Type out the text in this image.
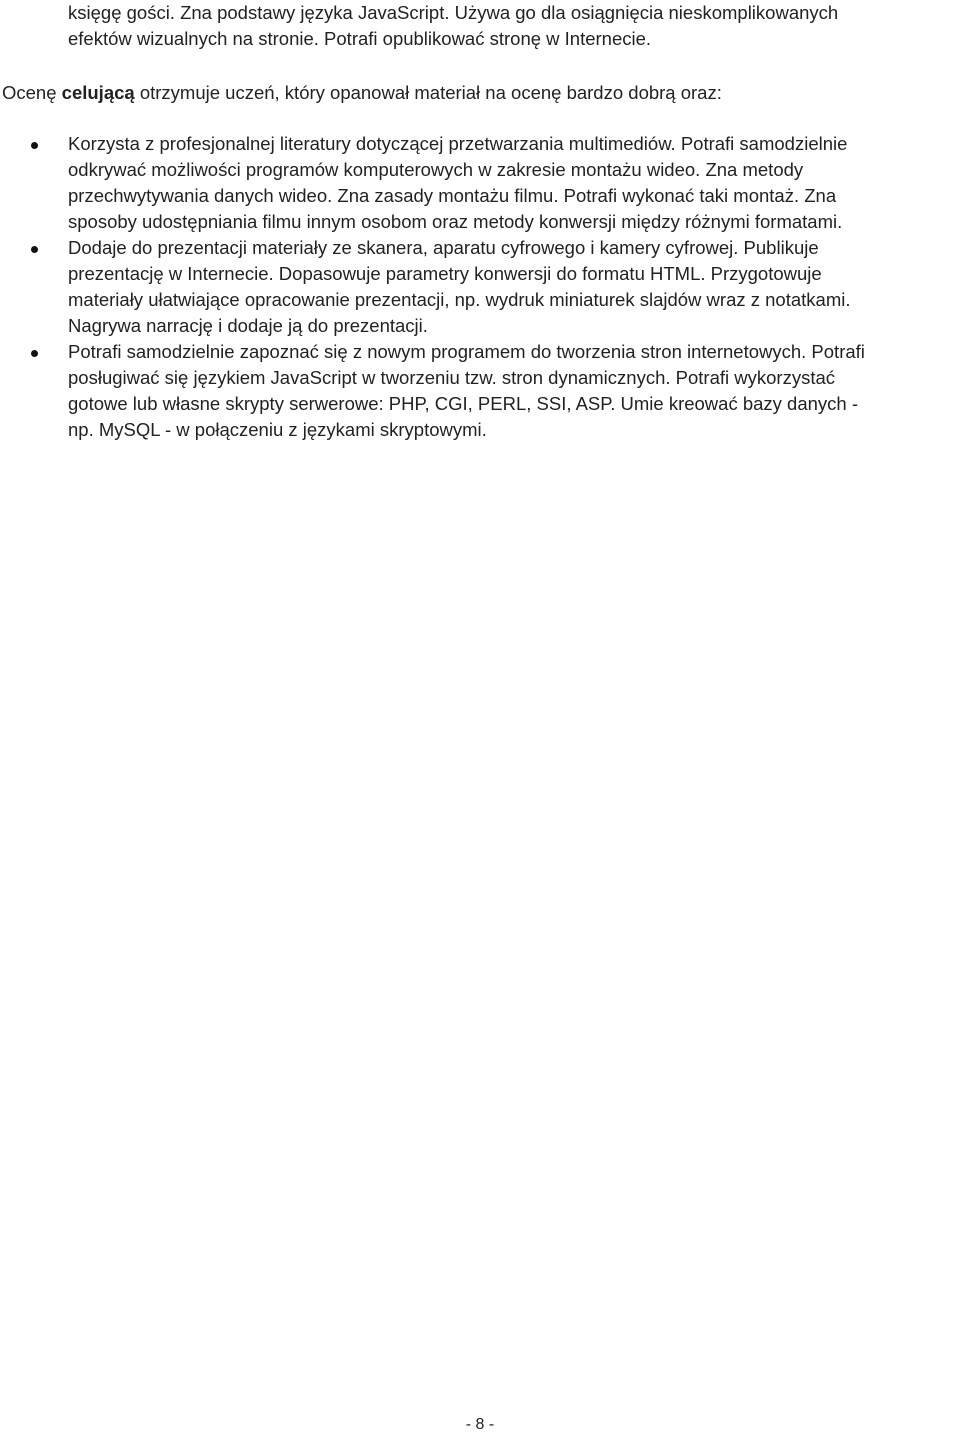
księgę gości. Zna podstawy języka JavaScript. Używa go dla osiągnięcia nieskomplikowanych
efektów wizualnych na stronie. Potrafi opublikować stronę w Internecie.
Ocenę celującą otrzymuje uczeń, który opanował materiał na ocenę bardzo dobrą oraz:
Korzysta z profesjonalnej literatury dotyczącej przetwarzania multimediów. Potrafi samodzielnie
odkrywać możliwości programów komputerowych w zakresie montażu wideo. Zna metody
przechwytywania danych wideo. Zna zasady montażu filmu. Potrafi wykonać taki montaż. Zna
sposoby udostępniania filmu innym osobom oraz metody konwersji między różnymi formatami.
Dodaje do prezentacji materiały ze skanera, aparatu cyfrowego i kamery cyfrowej. Publikuje
prezentację w Internecie. Dopasowuje parametry konwersji do formatu HTML. Przygotowuje
materiały ułatwiające opracowanie prezentacji, np. wydruk miniaturek slajdów wraz z notatkami.
Nagrywa narrację i dodaje ją do prezentacji.
Potrafi samodzielnie zapoznać się z nowym programem do tworzenia stron internetowych. Potrafi
posługiwać się językiem JavaScript w tworzeniu tzw. stron dynamicznych. Potrafi wykorzystać
gotowe lub własne skrypty serwerowe: PHP, CGI, PERL, SSI, ASP. Umie kreować bazy danych -
np. MySQL - w połączeniu z językami skryptowymi.
- 8 -
